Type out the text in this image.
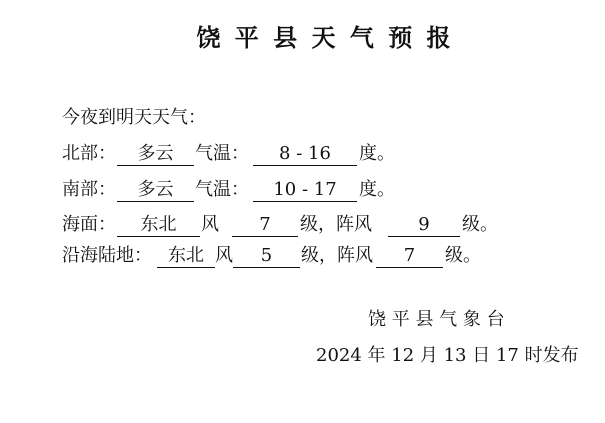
饶 平 县 天 气 预 报
今夜到明天天气：
北部：	多云	气温：	8 - 16	度。
南部：	多云	气温：	10 - 17	度。
海面：	东北	风	7	级，阵风	9	级。
沿海陆地： 东北 风	5	级，阵风	7	级。
饶 平 县 气 象 台
2024 年 12 月 13 日 17 时发布
